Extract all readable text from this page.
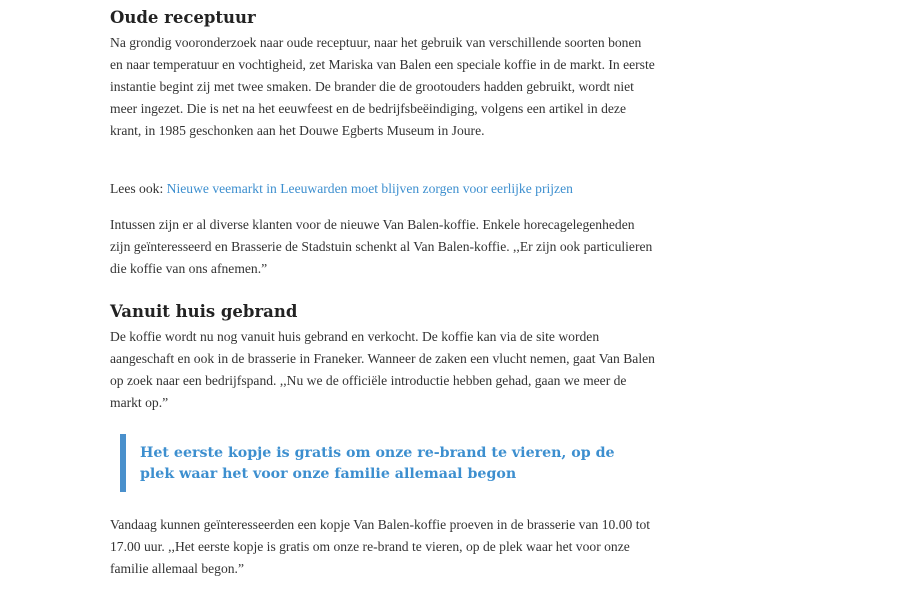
Oude receptuur

Na grondig vooronderzoek naar oude receptuur, naar het gebruik van verschillende soorten bonen en naar temperatuur en vochtigheid, zet Mariska van Balen een speciale koffie in de markt. In eerste instantie begint zij met twee smaken. De brander die de grootouders hadden gebruikt, wordt niet meer ingezet. Die is net na het eeuwfeest en de bedrijfsbeëindiging, volgens een artikel in deze krant, in 1985 geschonken aan het Douwe Egberts Museum in Joure.

Lees ook: Nieuwe veemarkt in Leeuwarden moet blijven zorgen voor eerlijke prijzen

Intussen zijn er al diverse klanten voor de nieuwe Van Balen-koffie. Enkele horecagelegenheden zijn geïnteresseerd en Brasserie de Stadstuin schenkt al Van Balen-koffie. ,,Er zijn ook particulieren die koffie van ons afnemen.”

Vanuit huis gebrand

De koffie wordt nu nog vanuit huis gebrand en verkocht. De koffie kan via de site worden aangeschaft en ook in de brasserie in Franeker. Wanneer de zaken een vlucht nemen, gaat Van Balen op zoek naar een bedrijfspand. ,,Nu we de officiële introductie hebben gehad, gaan we meer de markt op.”

Het eerste kopje is gratis om onze re-brand te vieren, op de plek waar het voor onze familie allemaal begon

Vandaag kunnen geïnteresseerden een kopje Van Balen-koffie proeven in de brasserie van 10.00 tot 17.00 uur. ,,Het eerste kopje is gratis om onze re-brand te vieren, op de plek waar het voor onze familie allemaal begon.”
